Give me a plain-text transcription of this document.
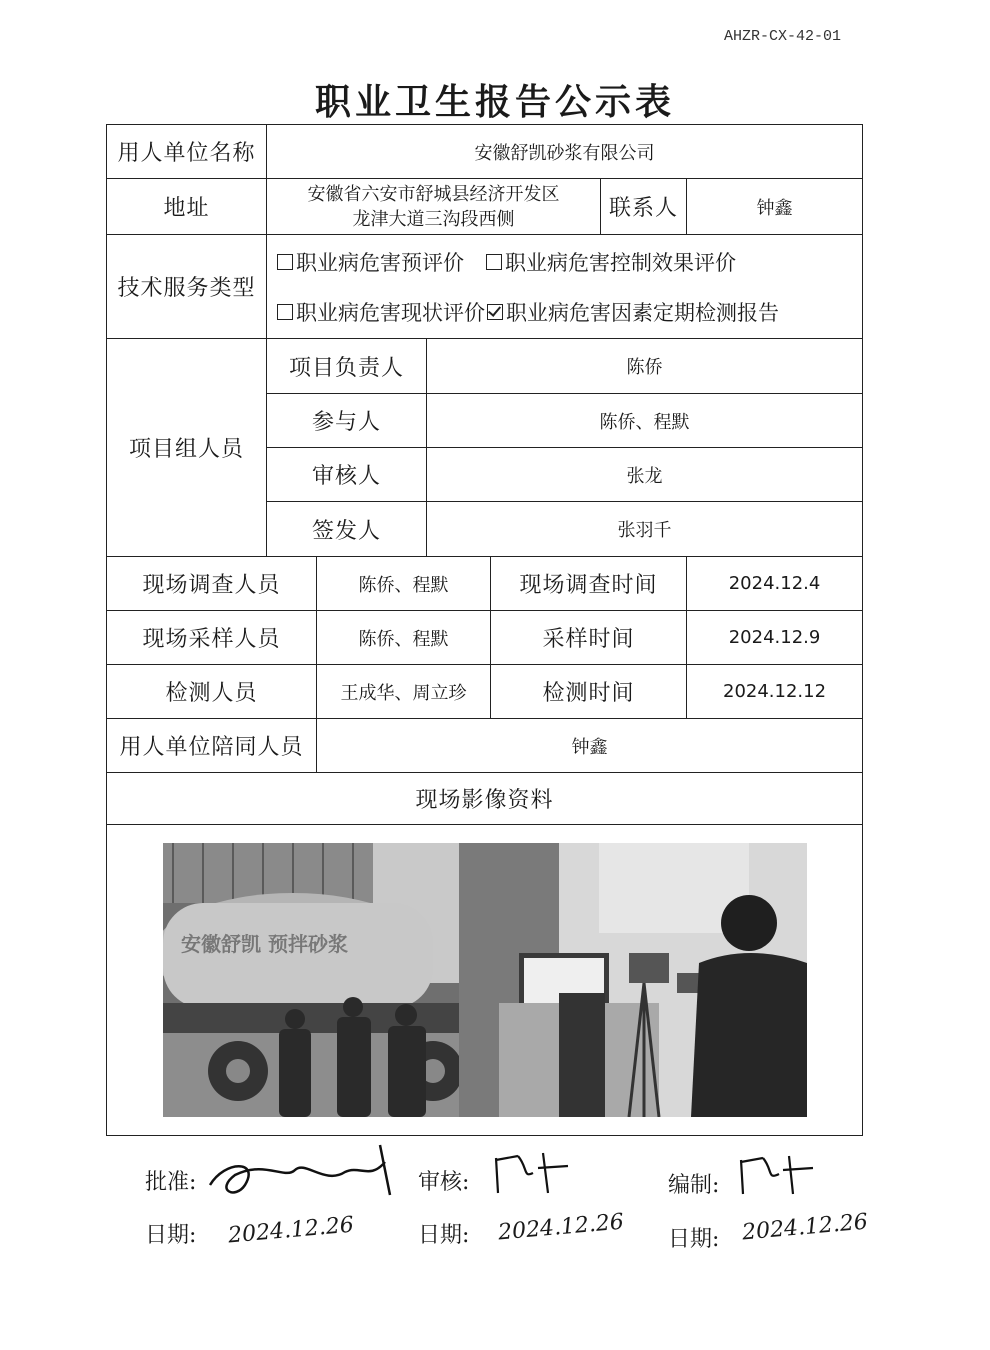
AHZR-CX-42-01
职业卫生报告公示表
用人单位名称	安徽舒凯砂浆有限公司					
地址	安徽省六安市舒城县经济开发区
龙津大道三沟段西侧				联系人	钟鑫
技术服务类型	职业病危害预评价 职业病危害控制效果评价
职业病危害现状评价 职业病危害因素定期检测报告					

项目组人员	项目负责人		陈侨			
	参与人		陈侨、程默			
	审核人		张龙			
	签发人		张羽千			
现场调查人员		陈侨、程默		现场调查时间		2024.12.4
现场采样人员		陈侨、程默		采样时间		2024.12.9
检测人员		王成华、周立珍		检测时间		2024.12.12
用人单位陪同人员		钟鑫				
现场影像资料						

安徽舒凯 预拌砂浆						
批准:	审核:	编制:
日期: 2024.12.26	日期: 2024.12.26 日期: 2024.12.26
